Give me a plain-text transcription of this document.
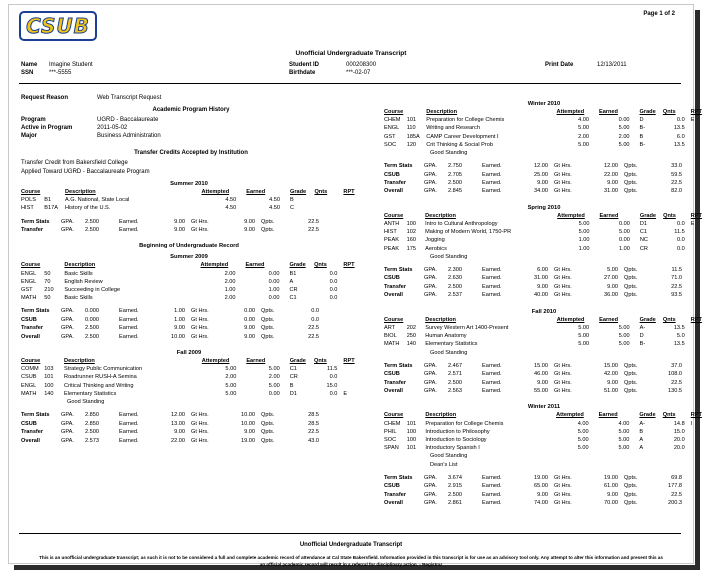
Page 1 of 2
CSUB
Unofficial Undergraduate Transcript
Name Imagine Student
SSN	***-5555
Student ID	000208300
Birthdate	***-02-07
Print Date	12/13/2011
Request Reason	Web Transcript Request
Academic Program History
Program	UGRD - Baccalaureate
Active in Program	2011-05-02
Major	Business Administration
Transfer Credits Accepted by Institution
Transfer Credit from Bakersfield College
Applied Toward UGRD - Baccalaureate Program
Summer 2010
Course		Description	Attempted	Earned	Grade	Qnts	RPT
POLS	B1	A.G. National, State Local	4.50	4.50	B		
HIST	B17A	History of the U.S.	4.50	4.50	C		
Term Stats	GPA.	2.500	Earned.	9.00	Gt Hrs.	9.00	Qpts.	22.5
Transfer	GPA.	2.500	Earned.	9.00	Gt Hrs.	9.00	Qpts.	22.5
Beginning of Undergraduate Record
Summer 2009
Course		Description	Attempted	Earned	Grade	Qnts	RPT
ENGL	50	Basic Skills	2.00	0.00	B1	0.0	
ENGL	70	English Review	2.00	0.00	A	0.0	
GST	210	Succeeding in College	1.00	1.00	CR	0.0	
MATH	50	Basic Skills	2.00	0.00	C1	0.0	
Term Stats	GPA.	0.000	Earned.	1.00	Gt Hrs.	0.00	Qpts.	0.0
CSUB	GPA.	0.000	Earned.	1.00	Gt Hrs.	0.00	Qpts.	0.0
Transfer	GPA.	2.500	Earned.	9.00	Gt Hrs.	9.00	Qpts.	22.5
Overall	GPA.	2.500	Earned.	10.00	Gt Hrs.	9.00	Qpts.	22.5
Fall 2009
Course		Description	Attempted	Earned	Grade	Qnts	RPT
COMM	103	Strategy Public Communication	5.00	5.00	C1	11.5	
CSUB	101	Roadrunner RUSH-A Semina	2.00	2.00	CR	0.0	
ENGL	100	Critical Thinking and Writing	5.00	5.00	B	15.0	
MATH	140	Elementary Statistics	5.00	0.00	D1	0.0	E
Good Standing
Term Stats	GPA.	2.850	Earned.	12.00	Gt Hrs.	10.00	Qpts.	28.5
CSUB	GPA.	2.850	Earned.	13.00	Gt Hrs.	10.00	Qpts.	28.5
Transfer	GPA.	2.500	Earned.	9.00	Gt Hrs.	9.00	Qpts.	22.5
Overall	GPA.	2.573	Earned.	22.00	Gt Hrs.	19.00	Qpts.	43.0
Winter 2010
Course		Description	Attempted	Earned	Grade	Qnts	RPT
CHEM	101	Preparation for College Chemis	4.00	0.00	D	0.0	E
ENGL	110	Writing and Research	5.00	5.00	B-	13.5	
GST	185A	CAMP Career Development I	2.00	2.00	B	6.0	
SOC	120	Crit Thinking & Social Prob	5.00	5.00	B-	13.5	
Good Standing
Term Stats	GPA.	2.750	Earned.	12.00	Gt Hrs.	12.00	Qpts.	33.0
CSUB	GPA.	2.705	Earned.	25.00	Gt Hrs.	22.00	Qpts.	59.5
Transfer	GPA.	2.500	Earned.	9.00	Gt Hrs.	9.00	Qpts.	22.5
Overall	GPA.	2.845	Earned.	34.00	Gt Hrs.	31.00	Qpts.	82.0
Spring 2010
Course		Description	Attempted	Earned	Grade	Qnts	RPT
ANTH	100	Intro to Cultural Anthropology	5.00	0.00	D1	0.0	E
HIST	102	Making of Modern World, 1750-PR	5.00	5.00	C1	11.5	
PEAK	160	Jogging	1.00	0.00	NC	0.0	
PEAK	175	Aerobics	1.00	1.00	CR	0.0	
Good Standing
Term Stats	GPA.	2.300	Earned.	6.00	Gt Hrs.	5.00	Qpts.	11.5
CSUB	GPA.	2.630	Earned.	31.00	Gt Hrs.	27.00	Qpts.	71.0
Transfer	GPA.	2.500	Earned.	9.00	Gt Hrs.	9.00	Qpts.	22.5
Overall	GPA.	2.537	Earned.	40.00	Gt Hrs.	36.00	Qpts.	93.5
Fall 2010
Course		Description	Attempted	Earned	Grade	Qnts	RPT
ART	202	Survey Western Art 1400-Present	5.00	5.00	A-	13.5	
BIOL	250	Human Anatomy	5.00	5.00	D	5.0	
MATH	140	Elementary Statistics	5.00	5.00	B-	13.5	
Good Standing
Term Stats	GPA.	2.467	Earned.	15.00	Gt Hrs.	15.00	Qpts.	37.0
CSUB	GPA.	2.571	Earned.	46.00	Gt Hrs.	42.00	Qpts.	108.0
Transfer	GPA.	2.500	Earned.	9.00	Gt Hrs.	9.00	Qpts.	22.5
Overall	GPA.	2.563	Earned.	55.00	Gt Hrs.	51.00	Qpts.	130.5
Winter 2011
Course		Description	Attempted	Earned	Grade	Qnts	RPT
CHEM	101	Preparation for College Chemis	4.00	4.00	A-	14.8	I
PHIL	100	Introduction to Philosophy	5.00	5.00	B	15.0	
SOC	100	Introduction to Sociology	5.00	5.00	A	20.0	
SPAN	101	Introductory Spanish I	5.00	5.00	A	20.0	
Good Standing
Dean's List
Term Stats	GPA.	3.674	Earned.	19.00	Gt Hrs.	19.00	Qpts.	69.8
CSUB	GPA.	2.915	Earned.	65.00	Gt Hrs.	61.00	Qpts.	177.8
Transfer	GPA.	2.500	Earned.	9.00	Gt Hrs.	9.00	Qpts.	22.5
Overall	GPA.	2.861	Earned.	74.00	Gt Hrs.	70.00	Qpts.	200.3
Unofficial Undergraduate Transcript
This is an unofficial undergraduate transcript; as such it is not to be considered a full and complete academic record of attendance at Cal State Bakersfield. Information provided in this transcript is for use as an advisory tool only. Any attempt to alter this information and present this as an official academic record will result in a referral for disciplinary action. - Registrar
